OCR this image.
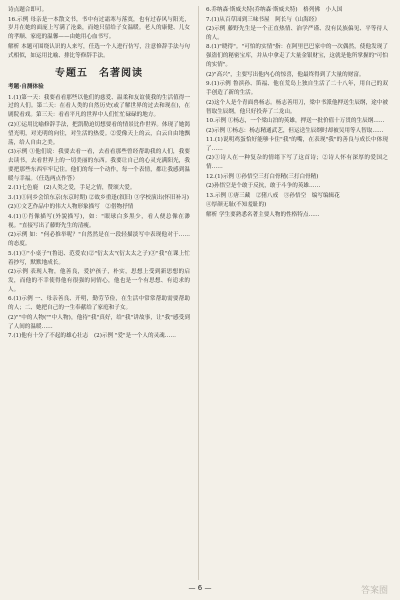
诗点题合即可。

16.示例 母亲是一本散文书，书中有过霜寒与落寞，也有过春风与阳光，岁月在她的面庞上写满了沧桑，而她只留给子女温暖。老人的康健、儿女的孝顺、家庭的温馨——由她用心血书写。

解析 本题可围绕认识的人来写，任选一个人进行仿写，注意修辞手法与句式相似，如运用比喻、排比等修辞手法。

专题五　名著阅读

考题·自测体验

1.(1)第一天：我要看看那些以他们的慈爱、温柔和友谊使我的生活值得一过的人们。第二天：在看人类的自然历史(或了解世界的过去和现在)，在剧院看戏。第三天：看看平凡的世界中人们忙忙碌碌的地方。

(2)①运用比喻修辞手法，把凯勒迫切想要看的情景比作世界。体现了她渴望光明，对光明的向往，对生活的热爱。②爱像天上的云，白云自由地飘荡，给人自由之美。

(3)示例 ①他们说：我要去看一看，去看看那些曾经帮助我的人们，我要去读书，去看世界上的一切美丽的东西。我要让自己的心灵充满阳光，我要把那些东西牢牢记住。他们的每一个动作，每一个表情，都让我感到温暖与幸福。（任选两点作答）

2.(1)七色鹿　(2)人类之爱，手足之情，赞颂大爱。

3.(1)①同乡会馆东京(东京时期) ②故乡重逢(叙旧) ③学校演出(怀旧补习)

(2)①文艺作品中的伟大人物形象描写　②借物抒情

4.(1)①肖像描写(外貌描写)，如："眼球白多黑少，看人便总像在渺视。"直接写出了藤野先生的清瘦。

(2)示例 如："何必推举呢？"自然然是在一段轻描淡写中表现他对于……的态度。

5.(1)①"小桌子"(鲁迅、范爱农)②"衍太太"(衍太太之子)③"我"在课上忙着抄写，默默地成长。

(2)示例 表现人物，他善良，爱护孩子，朴实，思想上受到新思想的启发，而他的不幸使得他有很强的同情心，他也是一个有思想、有追求的人。

6.(1)示例 一、母亲善良、开明，勤劳节俭，在生活中常常帮助需要帮助的人；二、她把自己的一生奉献给了家庭和子女。

(2)""中的人物(""中人物)，他待"我"真好，给"我"讲故事，让"我"感受到了人间的温暖……

7.(1)他有十分了不起的雄心壮志　(2)示例 "爱"是一个人的灵魂……

6.乔纳森·斯威夫特(乔纳森·斯威夫特)　格列佛　小人国

7.(1)从百草园到三味书屋　阿长与《山海经》

(2)示例 藤野先生是一个正直热情、治学严谨、没有民族偏见、平等待人的人。

8.(1)"晓得"。"可怕的实情"指：在阿里巴巴家中的一次偶然，使他发现了强盗们的秘密宝库，并从中拿走了大量金银财宝，这就是他所掌握的"可怕的实情"。

(2)"高兴"，主要写出他内心的惊喜，他最终得到了大量的财富。

9.(1)示例 鲁滨孙、笛福、他在荒岛上独自生活了二十八年，用自己的双手创造了新的生活。

(2)这个人是个青面兽杨志。杨志善用刀，梁中书派他押送生辰纲，途中被智取生辰纲，他只好投奔了二龙山。

10.示例 ①杨志，一个梁山泊的英雄，押送一批价值十万贯的生辰纲……

(2)示例 ①杨志：杨志精通武艺，但运送生辰纲时却被吴用等人智取……

11.(1)说明鸡蛋恰好能够卡住"我"的嘴，在表现"我"的善良与成长中体现了……

(2)①诗人在一种复杂的情绪下写了这首诗；②诗人怀有深厚的爱国之情……

12.(1)示例 ①孙悟空三打白骨精(三打白骨精)

(2)孙悟空是个敢于反抗，敢于斗争的英雄……

13.示例 ①唐三藏　②猪八戒　③孙悟空　编写编辑花

④厚颜无耻(不知羞耻的)

解析 学生要熟悉名著主要人物的性格特点……

— 6 —	答案圈
